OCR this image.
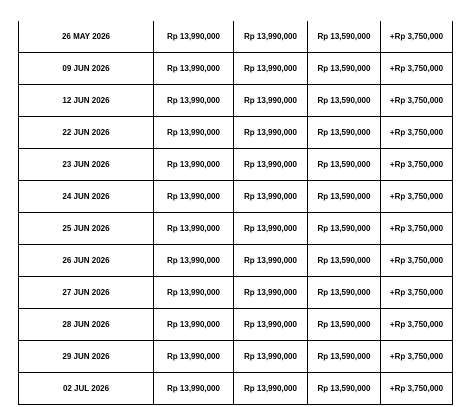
26 MAY 2026	Rp 13,990,000	Rp 13,990,000	Rp 13,590,000	+Rp 3,750,000
09 JUN 2026	Rp 13,990,000	Rp 13,990,000	Rp 13,590,000	+Rp 3,750,000
12 JUN 2026	Rp 13,990,000	Rp 13,990,000	Rp 13,590,000	+Rp 3,750,000
22 JUN 2026	Rp 13,990,000	Rp 13,990,000	Rp 13,590,000	+Rp 3,750,000
23 JUN 2026	Rp 13,990,000	Rp 13,990,000	Rp 13,590,000	+Rp 3,750,000
24 JUN 2026	Rp 13,990,000	Rp 13,990,000	Rp 13,590,000	+Rp 3,750,000
25 JUN 2026	Rp 13,990,000	Rp 13,990,000	Rp 13,590,000	+Rp 3,750,000
26 JUN 2026	Rp 13,990,000	Rp 13,990,000	Rp 13,590,000	+Rp 3,750,000
27 JUN 2026	Rp 13,990,000	Rp 13,990,000	Rp 13,590,000	+Rp 3,750,000
28 JUN 2026	Rp 13,990,000	Rp 13,990,000	Rp 13,590,000	+Rp 3,750,000
29 JUN 2026	Rp 13,990,000	Rp 13,990,000	Rp 13,590,000	+Rp 3,750,000
02 JUL 2026	Rp 13,990,000	Rp 13,990,000	Rp 13,590,000	+Rp 3,750,000
